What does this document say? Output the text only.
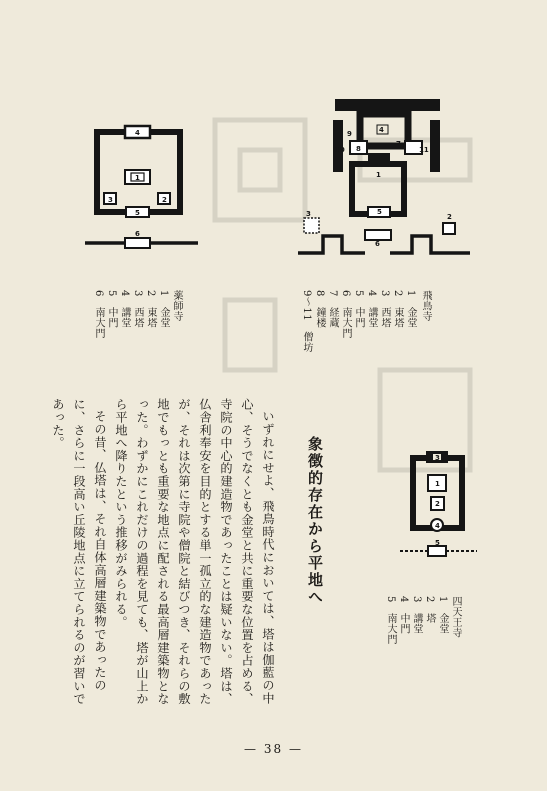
1
2
3
4
5
6
7
8
9
10	11
1
2
3
4
5
6
1
2
3
4
5
飛鳥寺
1　金堂
2　東塔
3　西塔
4　講堂
5　中門
6　南大門
7　経蔵
8　鐘楼
9〜11　僧坊
薬師寺
1　金堂
2　東塔
3　西塔
4　講堂
5　中門
6　南大門
四天王寺
1　金堂
2　塔
3　講堂
4　中門
5　南大門
象徴的存在から平地へ

いずれにせよ、飛鳥時代においては、塔は伽藍の中心、そうでなくとも金堂と共に重要な位置を占める、寺院の中心的建造物であったことは疑いない。塔は、仏舎利奉安を目的とする単一孤立的な建造物であったが、それは次第に寺院や僧院と結びつき、それらの敷地でもっとも重要な地点に配される最高層建築物となった。わずかにこれだけの過程を見ても、塔が山上から平地へ降りたという推移がみられる。

その昔、仏塔は、それ自体高層建築物であったのに、さらに一段高い丘陵地点に立てられるのが習いであった。

— 38 —
